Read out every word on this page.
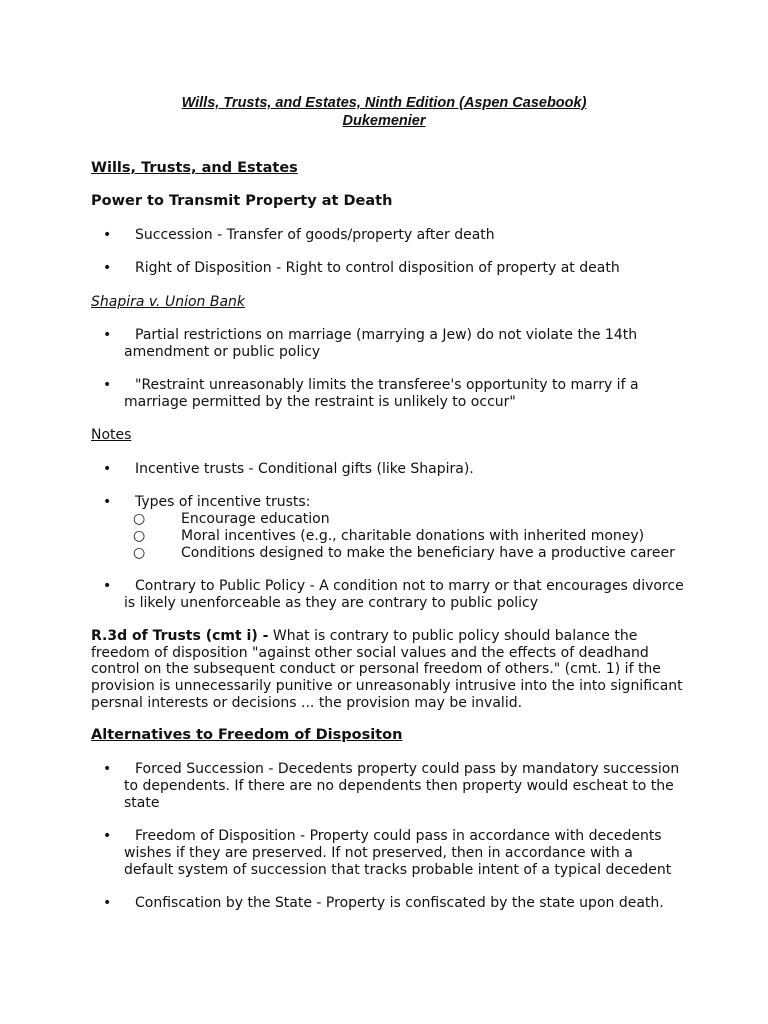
Wills, Trusts, and Estates, Ninth Edition (Aspen Casebook)
Dukemenier
Wills, Trusts, and Estates
Power to Transmit Property at Death
•	Succession - Transfer of goods/property after death
•	Right of Disposition - Right to control disposition of property at death
Shapira v. Union Bank
•	Partial restrictions on marriage (marrying a Jew) do not violate the 14th
amendment or public policy
•	"Restraint unreasonably limits the transferee's opportunity to marry if a
marriage permitted by the restraint is unlikely to occur"
Notes
•	Incentive trusts - Conditional gifts (like Shapira).
•	Types of incentive trusts:
○	Encourage education
○	Moral incentives (e.g., charitable donations with inherited money)
○	Conditions designed to make the beneficiary have a productive career
•	Contrary to Public Policy - A condition not to marry or that encourages divorce
is likely unenforceable as they are contrary to public policy
R.3d of Trusts (cmt i) - What is contrary to public policy should balance the
freedom of disposition "against other social values and the effects of deadhand
control on the subsequent conduct or personal freedom of others." (cmt. 1) if the
provision is unnecessarily punitive or unreasonably intrusive into the into significant
persnal interests or decisions ... the provision may be invalid.
Alternatives to Freedom of Dispositon
•	Forced Succession - Decedents property could pass by mandatory succession
to dependents. If there are no dependents then property would escheat to the
state
•	Freedom of Disposition - Property could pass in accordance with decedents
wishes if they are preserved. If not preserved, then in accordance with a
default system of succession that tracks probable intent of a typical decedent
•	Confiscation by the State - Property is confiscated by the state upon death.
